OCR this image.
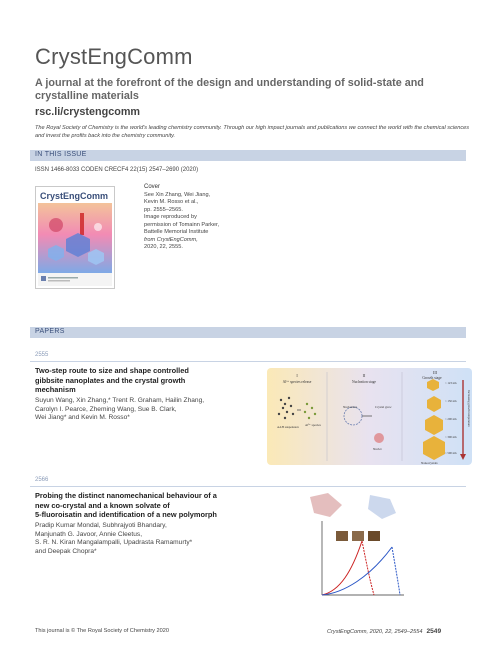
CrystEngComm
A journal at the forefront of the design and understanding of solid-state and crystalline materials
rsc.li/crystengcomm
The Royal Society of Chemistry is the world's leading chemistry community. Through our high impact journals and publications we connect the world with the chemical sciences and invest the profits back into the chemistry community.
IN THIS ISSUE
ISSN 1466-8033 CODEN CRECF4 22(15) 2547–2690 (2020)
CrystEngComm
Cover
See Xin Zhang, Wei Jiang,
Kevin M. Rosso et al.,
pp. 2555–2565.
Image reproduced by
permission of Tomainn Parker,
Battelle Memorial Institute
from CrystEngComm,
2020, 22, 2555.
PAPERS
2555
Two-step route to size and shape controlled
gibbsite nanoplates and the crystal growth
mechanism
Suyun Wang, Xin Zhang,* Trent R. Graham, Hailin Zhang,
Carolyn I. Pearce, Zheming Wang, Sue B. Clark,
Wei Jiang* and Kevin M. Rosso*
I
Al³⁺ species release
II
Nucleation stage
III
Growth stage
AAH suspension Al³⁺ species
Nucleation
Nuclei
Crystal grow
Nanocrystals
Increasing growth temperature
~ 123 nm
~ 150 nm
~ 200 nm
~ 300 nm
~ 500 nm
2566
Probing the distinct nanomechanical behaviour of a
new co-crystal and a known solvate of
5-fluoroisatin and identification of a new polymorph
Pradip Kumar Mondal, Subhrajyoti Bhandary,
Manjunath G. Javoor, Annie Cleetus,
S. R. N. Kiran Mangalampalli, Upadrasta Ramamurty*
and Deepak Chopra*
This journal is © The Royal Society of Chemistry 2020	CrystEngComm, 2020, 22, 2549–2554 2549
